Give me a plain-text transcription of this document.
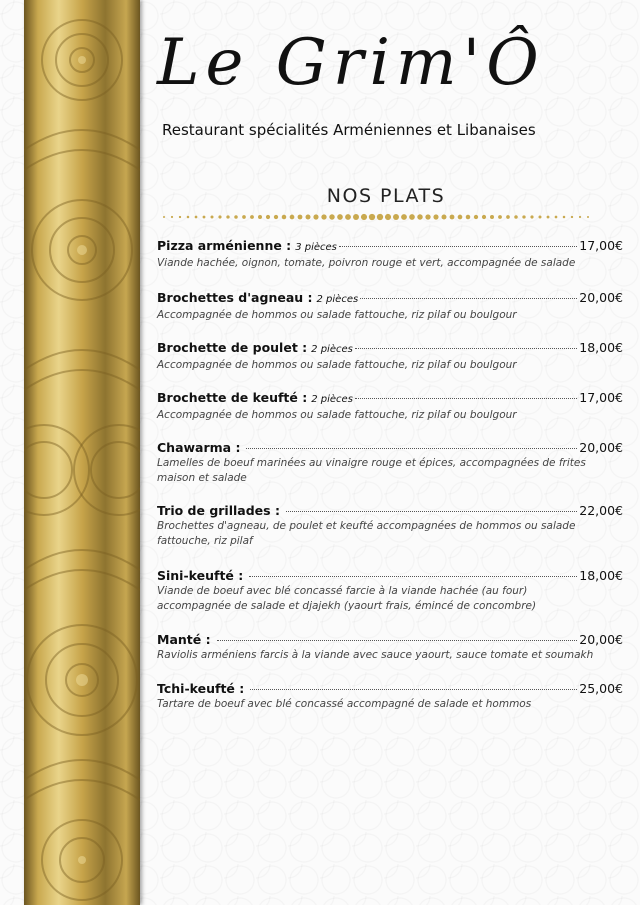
Le Grim'Ô
Restaurant spécialités Arméniennes et Libanaises
NOS PLATS
Pizza arménienne : 3 pièces	17,00€
Viande hachée, oignon, tomate, poivron rouge et vert, accompagnée de salade
Brochettes d'agneau : 2 pièces	20,00€
Accompagnée de hommos ou salade fattouche, riz pilaf ou boulgour
Brochette de poulet : 2 pièces	18,00€
Accompagnée de hommos ou salade fattouche, riz pilaf ou boulgour
Brochette de keufté : 2 pièces	17,00€
Accompagnée de hommos ou salade fattouche, riz pilaf ou boulgour
Chawarma :	20,00€
Lamelles de boeuf marinées au vinaigre rouge et épices, accompagnées de frites maison et salade
Trio de grillades :	22,00€
Brochettes d'agneau, de poulet et keufté accompagnées de hommos ou salade fattouche, riz pilaf
Sini-keufté :	18,00€
Viande de boeuf avec blé concassé farcie à la viande hachée (au four) accompagnée de salade et djajekh (yaourt frais, émincé de concombre)
Manté :	20,00€
Raviolis arméniens farcis à la viande avec sauce yaourt, sauce tomate et soumakh
Tchi-keufté :	25,00€
Tartare de boeuf avec blé concassé accompagné de salade et hommos
